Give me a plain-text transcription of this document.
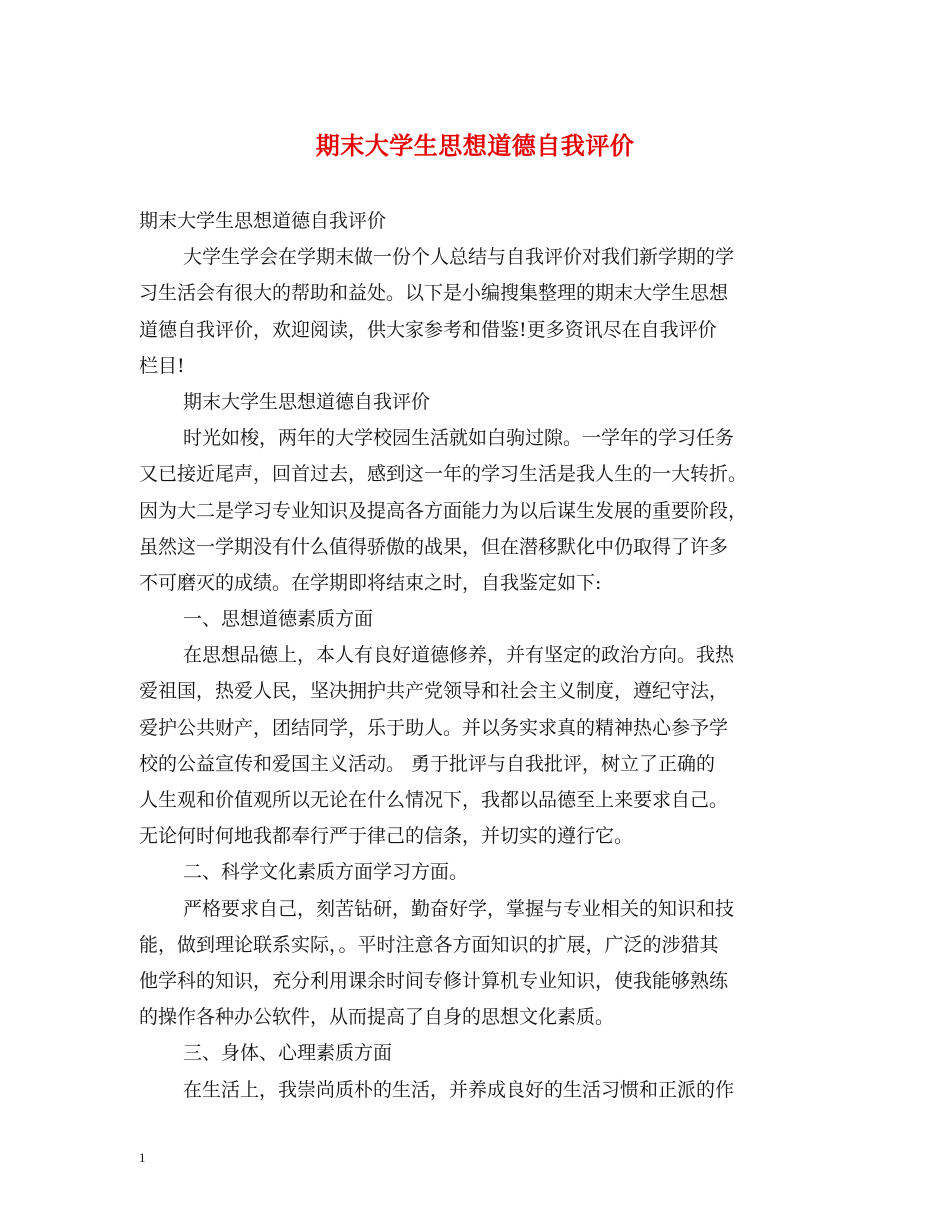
期末大学生思想道德自我评价
期末大学生思想道德自我评价
大学生学会在学期末做一份个人总结与自我评价对我们新学期的学
习生活会有很大的帮助和益处。以下是小编搜集整理的期末大学生思想
道德自我评价，欢迎阅读，供大家参考和借鉴!更多资讯尽在自我评价
栏目!
期末大学生思想道德自我评价
时光如梭，两年的大学校园生活就如白驹过隙。一学年的学习任务
又已接近尾声，回首过去，感到这一年的学习生活是我人生的一大转折。
因为大二是学习专业知识及提高各方面能力为以后谋生发展的重要阶段，
虽然这一学期没有什么值得骄傲的战果，但在潜移默化中仍取得了许多
不可磨灭的成绩。在学期即将结束之时，自我鉴定如下:
一、思想道德素质方面
在思想品德上，本人有良好道德修养，并有坚定的政治方向。我热
爱祖国，热爱人民，坚决拥护共产党领导和社会主义制度，遵纪守法，
爱护公共财产，团结同学，乐于助人。并以务实求真的精神热心参予学
校的公益宣传和爱国主义活动。 勇于批评与自我批评，树立了正确的
人生观和价值观所以无论在什么情况下，我都以品德至上来要求自己。
无论何时何地我都奉行严于律己的信条，并切实的遵行它。
二、科学文化素质方面学习方面。
严格要求自己，刻苦钻研，勤奋好学，掌握与专业相关的知识和技
能，做到理论联系实际，。平时注意各方面知识的扩展，广泛的涉猎其
他学科的知识，充分利用课余时间专修计算机专业知识，使我能够熟练
的操作各种办公软件，从而提高了自身的思想文化素质。
三、身体、心理素质方面
在生活上，我崇尚质朴的生活，并养成良好的生活习惯和正派的作
1
